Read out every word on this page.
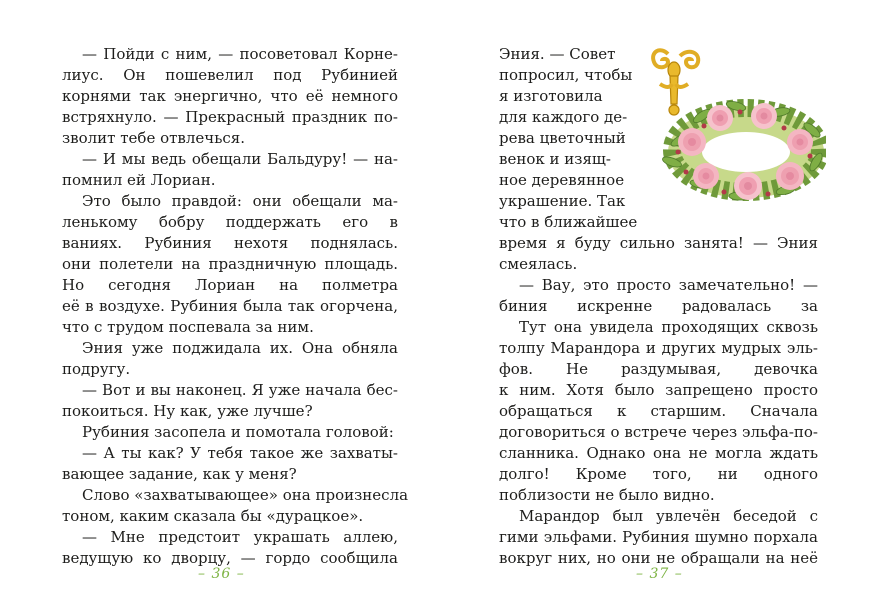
— Пойди с ним, — посоветовал Корне-
лиус. Он пошевелил под Рубинией
корнями так энергично, что её немного
встряхнуло. — Прекрасный праздник по-
зволит тебе отвлечься.
— И мы ведь обещали Бальдуру! — на-
помнил ей Лориан.
Это было правдой: они обещали ма-
ленькому бобру поддержать его в
ваниях. Рубиния нехотя поднялась.
они полетели на праздничную площадь.
Но сегодня Лориан на полметра
её в воздухе. Рубиния была так огорчена,
что с трудом поспевала за ним.
Эния уже поджидала их. Она обняла
подругу.
— Вот и вы наконец. Я уже начала бес-
покоиться. Ну как, уже лучше?
Рубиния засопела и помотала головой:
— А ты как? У тебя такое же захваты-
вающее задание, как у меня?
Слово «захватывающее» она произнесла
тоном, каким сказала бы «дурацкое».
— Мне предстоит украшать аллею,
ведущую ко дворцу, — гордо сообщила
Эния. — Совет
попросил, чтобы
я изготовила
для каждого де-
рева цветочный
венок и изящ-
ное деревянное
украшение. Так
что в ближайшее
время я буду сильно занята! — Эния
смеялась.
— Вау, это просто замечательно! —
биния искренне радовалась за
Тут она увидела проходящих сквозь
толпу Марандора и других мудрых эль-
фов. Не раздумывая, девочка
к ним. Хотя было запрещено просто
обращаться к старшим. Сначала
договориться о встрече через эльфа-по-
сланника. Однако она не могла ждать
долго! Кроме того, ни одного
поблизости не было видно.
Марандор был увлечён беседой с
гими эльфами. Рубиния шумно порхала
вокруг них, но они не обращали на неё
– 36 –	– 37 –
